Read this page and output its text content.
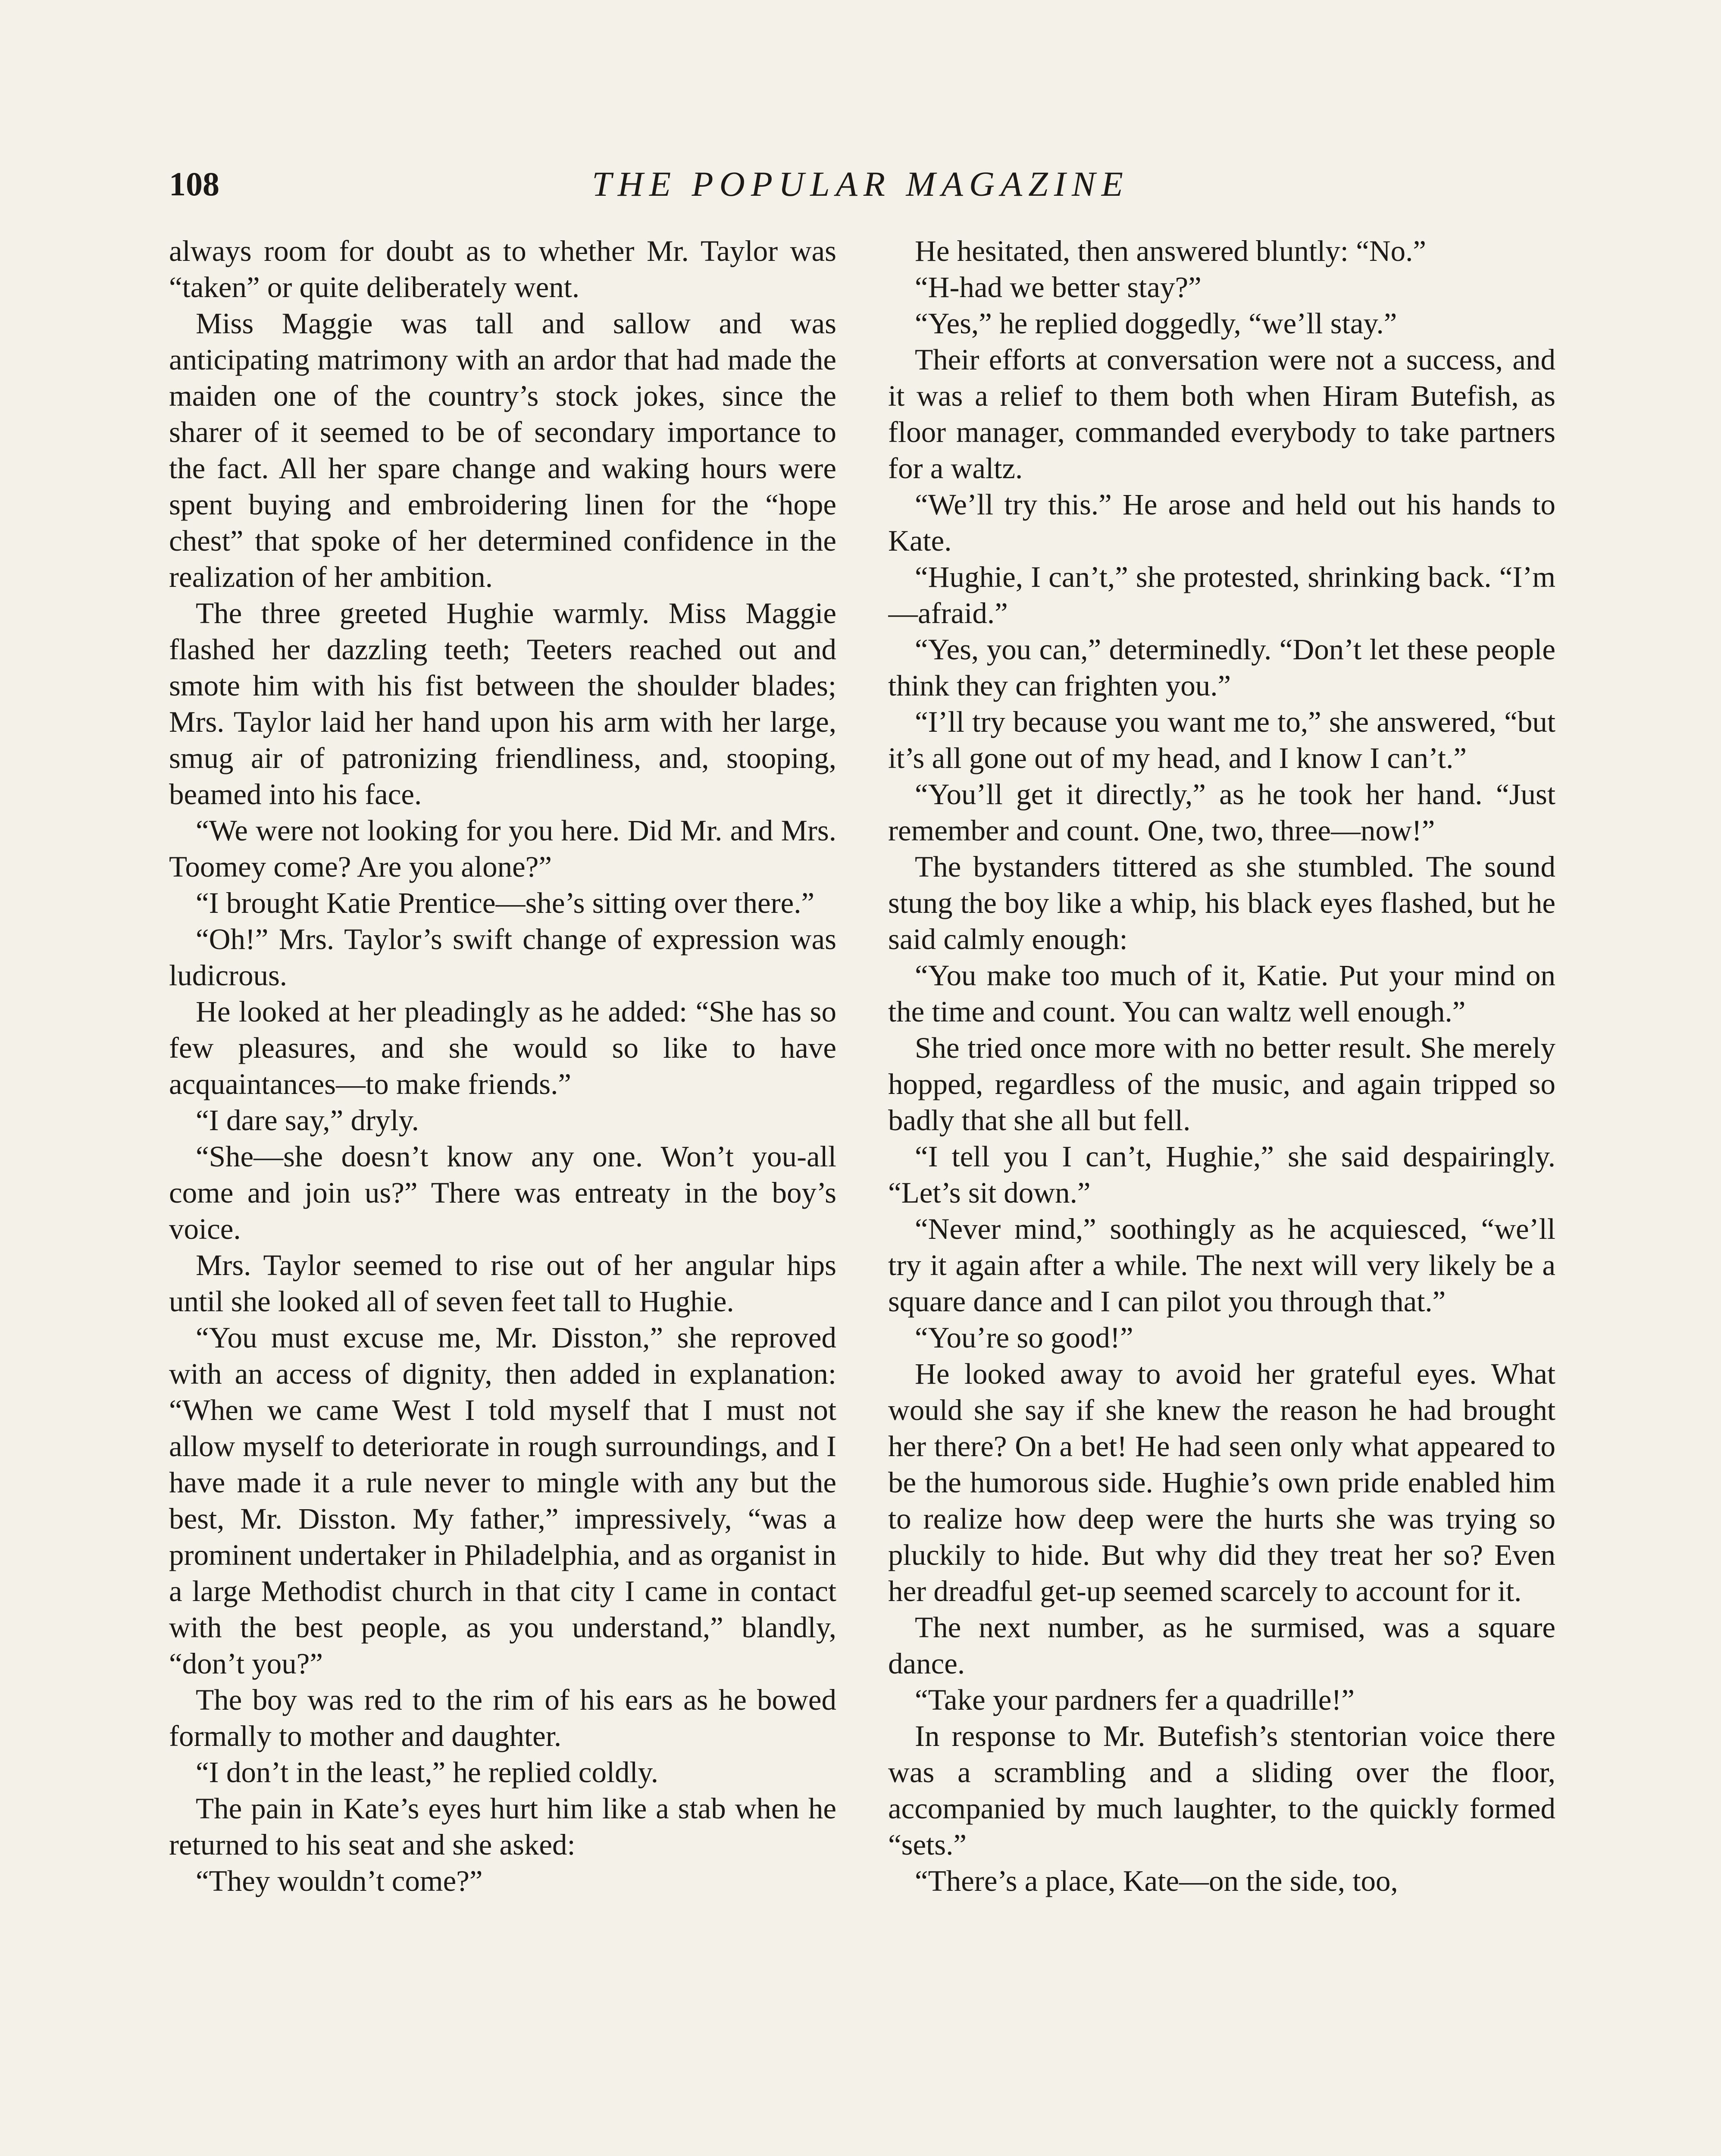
108	THE POPULAR MAGAZINE

always room for doubt as to whether Mr. Taylor was “taken” or quite deliberately went.

Miss Maggie was tall and sallow and was anticipating matrimony with an ardor that had made the maiden one of the country’s stock jokes, since the sharer of it seemed to be of secondary importance to the fact. All her spare change and waking hours were spent buying and embroidering linen for the “hope chest” that spoke of her determined confidence in the realization of her ambition.

The three greeted Hughie warmly. Miss Maggie flashed her dazzling teeth; Teeters reached out and smote him with his fist between the shoulder blades; Mrs. Taylor laid her hand upon his arm with her large, smug air of patronizing friendliness, and, stooping, beamed into his face.

“We were not looking for you here. Did Mr. and Mrs. Toomey come? Are you alone?”

“I brought Katie Prentice—she’s sitting over there.”

“Oh!” Mrs. Taylor’s swift change of expression was ludicrous.

He looked at her pleadingly as he added: “She has so few pleasures, and she would so like to have acquaintances—to make friends.”

“I dare say,” dryly.

“She—she doesn’t know any one. Won’t you-all come and join us?” There was entreaty in the boy’s voice.

Mrs. Taylor seemed to rise out of her angular hips until she looked all of seven feet tall to Hughie.

“You must excuse me, Mr. Disston,” she reproved with an access of dignity, then added in explanation: “When we came West I told myself that I must not allow myself to deteriorate in rough surroundings, and I have made it a rule never to mingle with any but the best, Mr. Disston. My father,” impressively, “was a prominent undertaker in Philadelphia, and as organist in a large Methodist church in that city I came in contact with the best people, as you understand,” blandly, “don’t you?”

The boy was red to the rim of his ears as he bowed formally to mother and daughter.

“I don’t in the least,” he replied coldly.

The pain in Kate’s eyes hurt him like a stab when he returned to his seat and she asked:

“They wouldn’t come?”

He hesitated, then answered bluntly: “No.”

“H-had we better stay?”

“Yes,” he replied doggedly, “we’ll stay.”

Their efforts at conversation were not a success, and it was a relief to them both when Hiram Butefish, as floor manager, commanded everybody to take partners for a waltz.

“We’ll try this.” He arose and held out his hands to Kate.

“Hughie, I can’t,” she protested, shrinking back. “I’m—afraid.”

“Yes, you can,” determinedly. “Don’t let these people think they can frighten you.”

“I’ll try because you want me to,” she answered, “but it’s all gone out of my head, and I know I can’t.”

“You’ll get it directly,” as he took her hand. “Just remember and count. One, two, three—now!”

The bystanders tittered as she stumbled. The sound stung the boy like a whip, his black eyes flashed, but he said calmly enough:

“You make too much of it, Katie. Put your mind on the time and count. You can waltz well enough.”

She tried once more with no better result. She merely hopped, regardless of the music, and again tripped so badly that she all but fell.

“I tell you I can’t, Hughie,” she said despairingly. “Let’s sit down.”

“Never mind,” soothingly as he acquiesced, “we’ll try it again after a while. The next will very likely be a square dance and I can pilot you through that.”

“You’re so good!”

He looked away to avoid her grateful eyes. What would she say if she knew the reason he had brought her there? On a bet! He had seen only what appeared to be the humorous side. Hughie’s own pride enabled him to realize how deep were the hurts she was trying so pluckily to hide. But why did they treat her so? Even her dreadful get-up seemed scarcely to account for it.

The next number, as he surmised, was a square dance.

“Take your pardners fer a quadrille!”

In response to Mr. Butefish’s stentorian voice there was a scrambling and a sliding over the floor, accompanied by much laughter, to the quickly formed “sets.”

“There’s a place, Kate—on the side, too,
